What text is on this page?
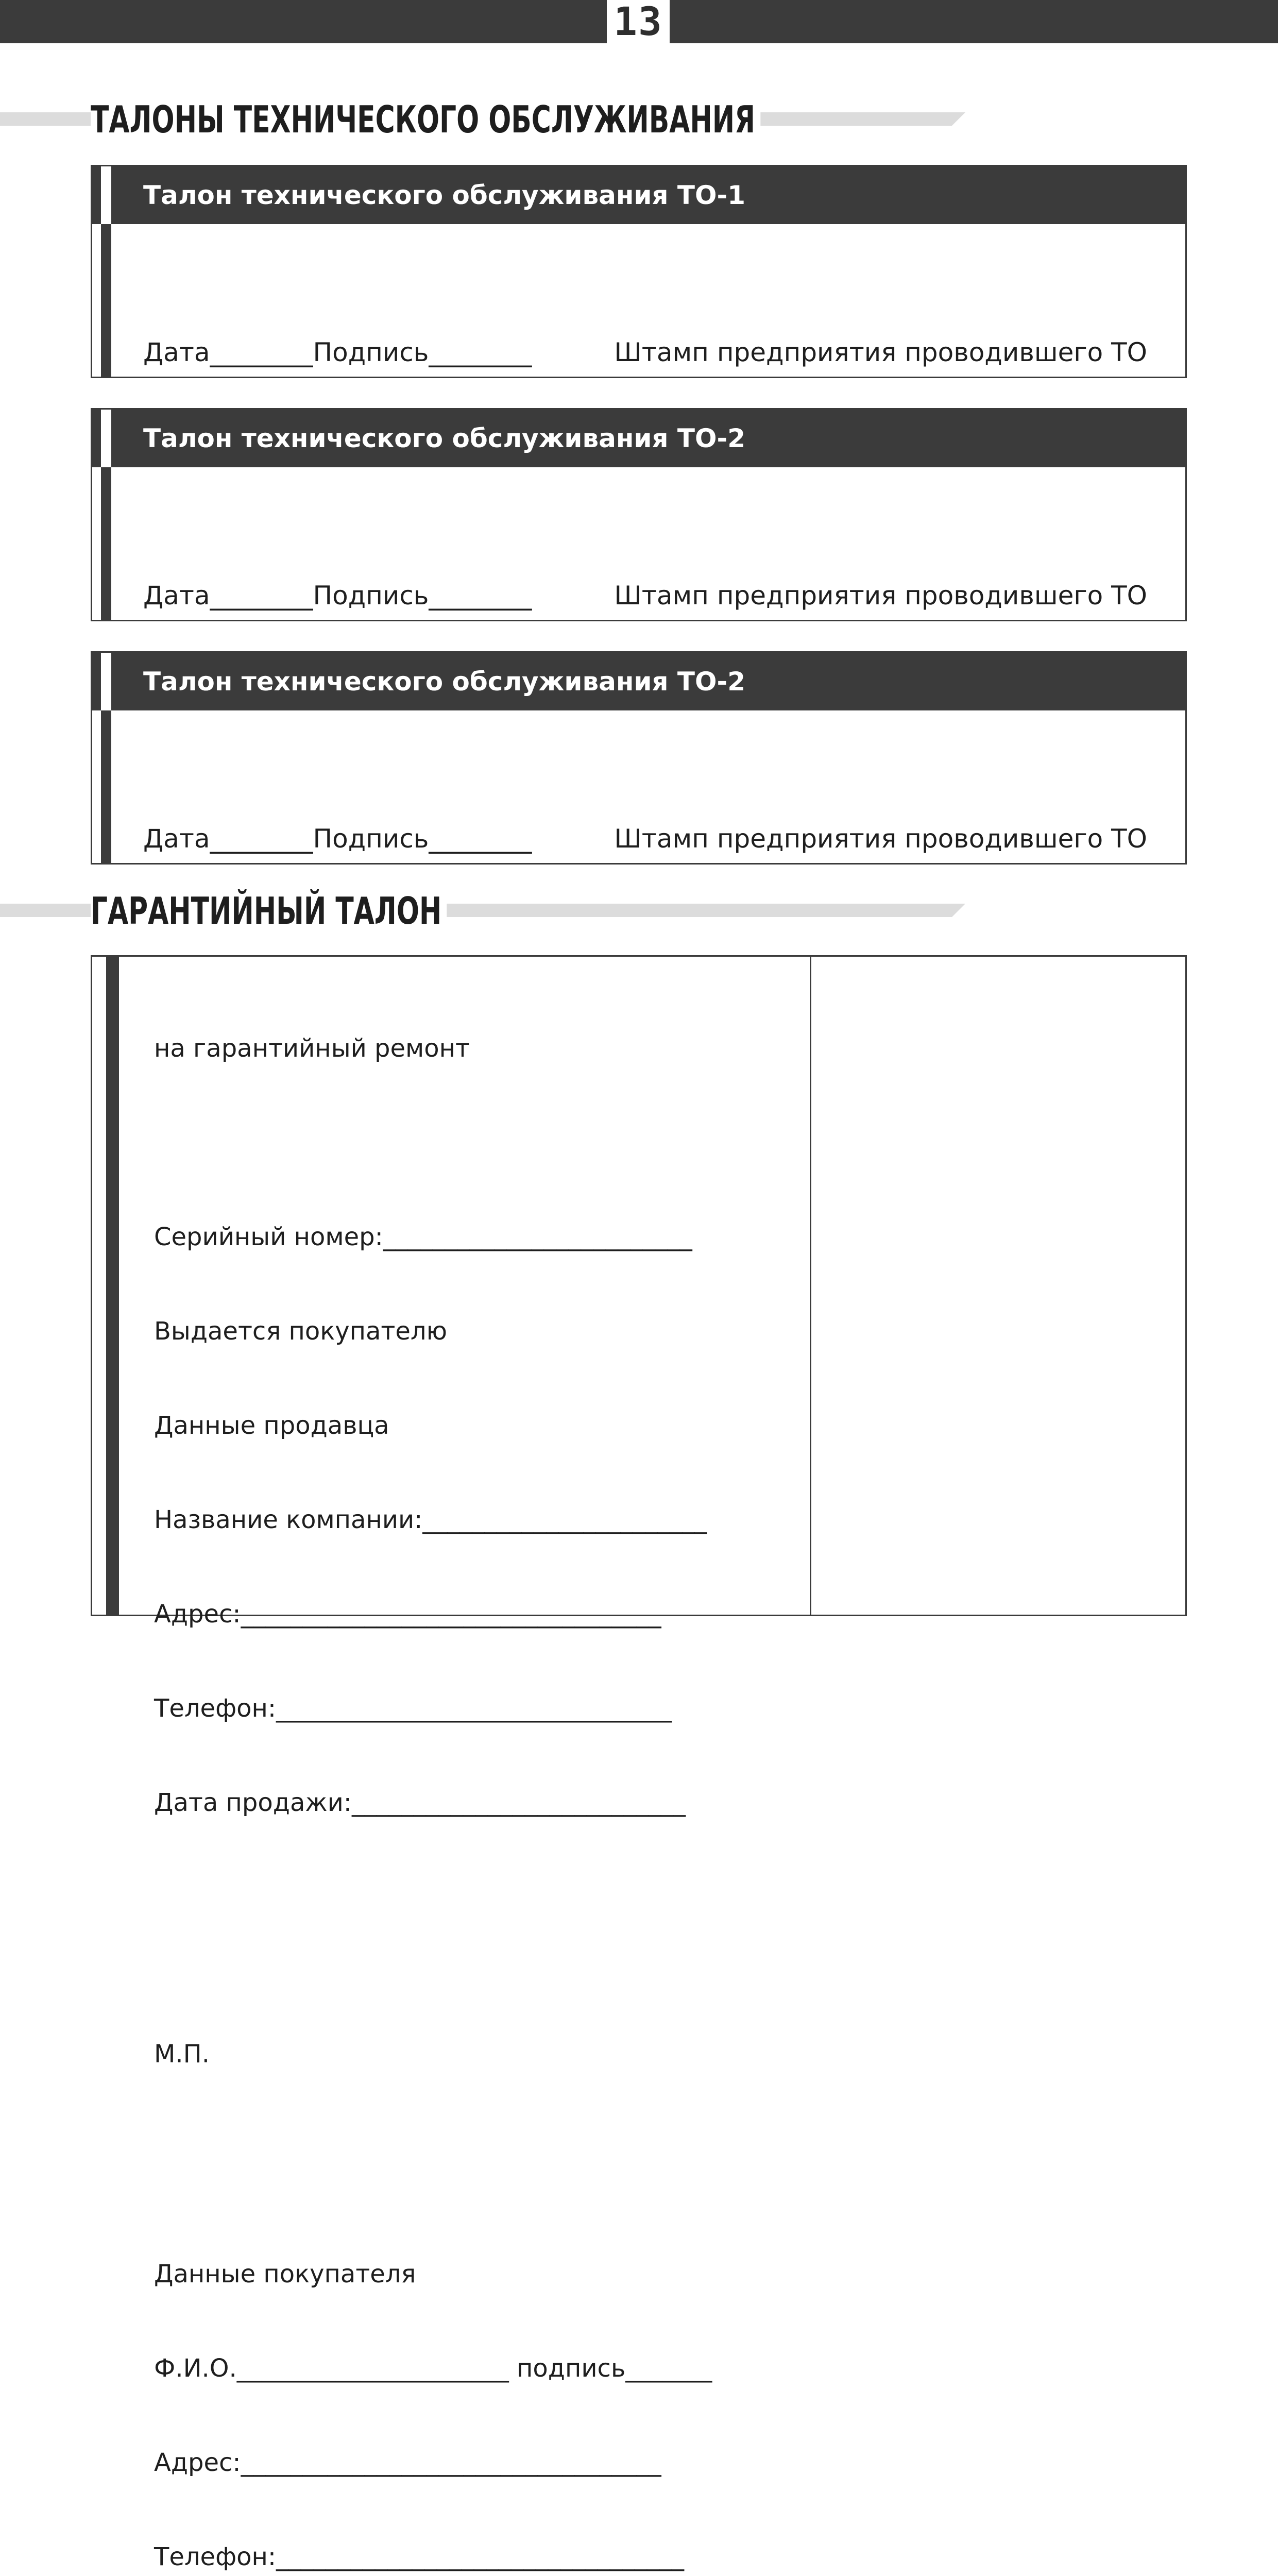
13
ТАЛОНЫ ТЕХНИЧЕСКОГО ОБСЛУЖИВАНИЯ
Талон технического обслуживания ТО-1
Дата________Подпись________	Штамп предприятия проводившего ТО
Талон технического обслуживания ТО-2
Дата________Подпись________	Штамп предприятия проводившего ТО
Талон технического обслуживания ТО-2
Дата________Подпись________	Штамп предприятия проводившего ТО
ГАРАНТИЙНЫЙ ТАЛОН

на гарантийный ремонт

Серийный номер:_________________________

Выдается покупателю

Данные продавца

Название компании:_______________________

Адрес:__________________________________

Телефон:________________________________

Дата продажи:___________________________

М.П.

Данные покупателя

Ф.И.О.______________________ подпись_______

Адрес:__________________________________

Телефон:_________________________________
